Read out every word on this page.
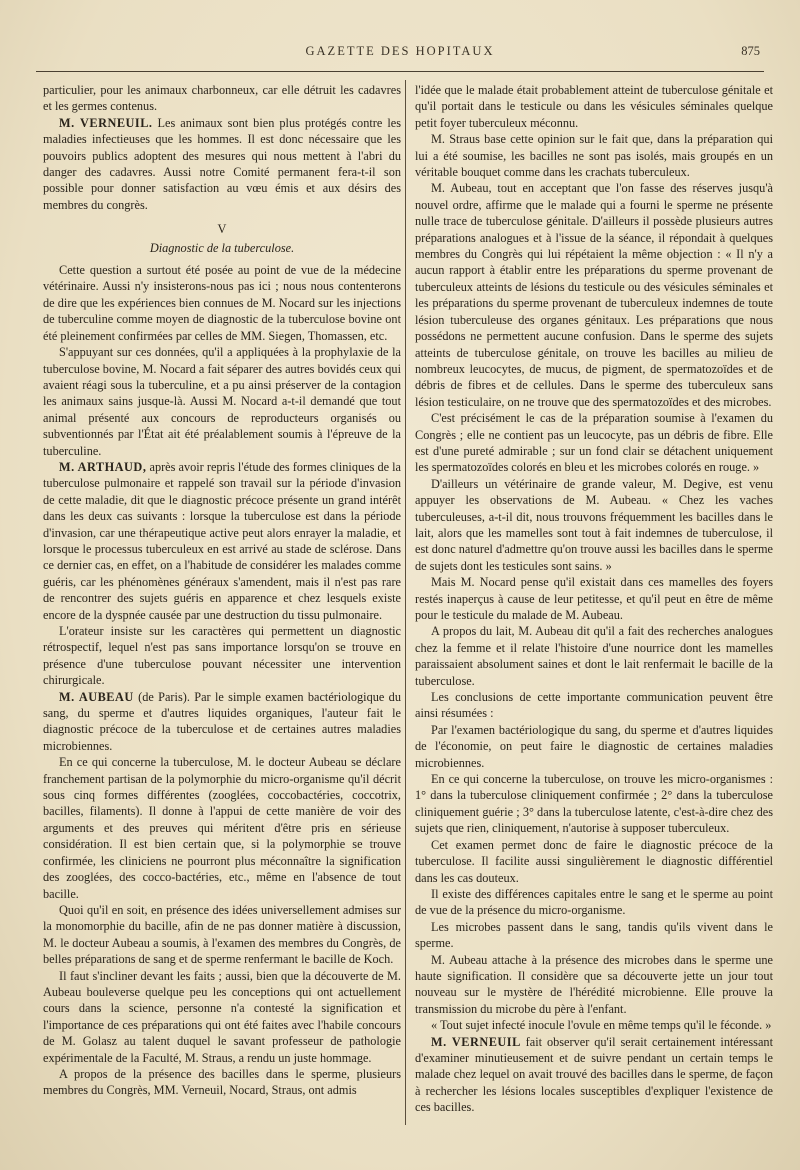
GAZETTE DES HOPITAUX	875

particulier, pour les animaux charbonneux, car elle détruit les cadavres et les germes contenus.

M. VERNEUIL. Les animaux sont bien plus protégés contre les maladies infectieuses que les hommes. Il est donc nécessaire que les pouvoirs publics adoptent des mesures qui nous mettent à l'abri du danger des cadavres. Aussi notre Comité permanent fera-t-il son possible pour donner satisfaction au vœu émis et aux désirs des membres du congrès.

V
Diagnostic de la tuberculose.

Cette question a surtout été posée au point de vue de la médecine vétérinaire. Aussi n'y insisterons-nous pas ici ; nous nous contenterons de dire que les expériences bien connues de M. Nocard sur les injections de tuberculine comme moyen de diagnostic de la tuberculose bovine ont été pleinement confirmées par celles de MM. Siegen, Thomassen, etc.

S'appuyant sur ces données, qu'il a appliquées à la prophylaxie de la tuberculose bovine, M. Nocard a fait séparer des autres bovidés ceux qui avaient réagi sous la tuberculine, et a pu ainsi préserver de la contagion les animaux sains jusque-là. Aussi M. Nocard a-t-il demandé que tout animal présenté aux concours de reproducteurs organisés ou subventionnés par l'État ait été préalablement soumis à l'épreuve de la tuberculine.

M. ARTHAUD, après avoir repris l'étude des formes cliniques de la tuberculose pulmonaire et rappelé son travail sur la période d'invasion de cette maladie, dit que le diagnostic précoce présente un grand intérêt dans les deux cas suivants : lorsque la tuberculose est dans la période d'invasion, car une thérapeutique active peut alors enrayer la maladie, et lorsque le processus tuberculeux en est arrivé au stade de sclérose. Dans ce dernier cas, en effet, on a l'habitude de considérer les malades comme guéris, car les phénomènes généraux s'amendent, mais il n'est pas rare de rencontrer des sujets guéris en apparence et chez lesquels existe encore de la dyspnée causée par une destruction du tissu pulmonaire.

L'orateur insiste sur les caractères qui permettent un diagnostic rétrospectif, lequel n'est pas sans importance lorsqu'on se trouve en présence d'une tuberculose pouvant nécessiter une intervention chirurgicale.

M. AUBEAU (de Paris). Par le simple examen bactériologique du sang, du sperme et d'autres liquides organiques, l'auteur fait le diagnostic précoce de la tuberculose et de certaines autres maladies microbiennes.

En ce qui concerne la tuberculose, M. le docteur Aubeau se déclare franchement partisan de la polymorphie du micro-organisme qu'il décrit sous cinq formes différentes (zooglées, coccobactéries, coccotrix, bacilles, filaments). Il donne à l'appui de cette manière de voir des arguments et des preuves qui méritent d'être pris en sérieuse considération. Il est bien certain que, si la polymorphie se trouve confirmée, les cliniciens ne pourront plus méconnaître la signification des zooglées, des cocco-bactéries, etc., même en l'absence de tout bacille.

Quoi qu'il en soit, en présence des idées universellement admises sur la monomorphie du bacille, afin de ne pas donner matière à discussion, M. le docteur Aubeau a soumis, à l'examen des membres du Congrès, de belles préparations de sang et de sperme renfermant le bacille de Koch.

Il faut s'incliner devant les faits ; aussi, bien que la découverte de M. Aubeau bouleverse quelque peu les conceptions qui ont actuellement cours dans la science, personne n'a contesté la signification et l'importance de ces préparations qui ont été faites avec l'habile concours de M. Golasz au talent duquel le savant professeur de pathologie expérimentale de la Faculté, M. Straus, a rendu un juste hommage.

A propos de la présence des bacilles dans le sperme, plusieurs membres du Congrès, MM. Verneuil, Nocard, Straus, ont admis

l'idée que le malade était probablement atteint de tuberculose génitale et qu'il portait dans le testicule ou dans les vésicules séminales quelque petit foyer tuberculeux méconnu.

M. Straus base cette opinion sur le fait que, dans la préparation qui lui a été soumise, les bacilles ne sont pas isolés, mais groupés en un véritable bouquet comme dans les crachats tuberculeux.

M. Aubeau, tout en acceptant que l'on fasse des réserves jusqu'à nouvel ordre, affirme que le malade qui a fourni le sperme ne présente nulle trace de tuberculose génitale. D'ailleurs il possède plusieurs autres préparations analogues et à l'issue de la séance, il répondait à quelques membres du Congrès qui lui répétaient la même objection : « Il n'y a aucun rapport à établir entre les préparations du sperme provenant de tuberculeux atteints de lésions du testicule ou des vésicules séminales et les préparations du sperme provenant de tuberculeux indemnes de toute lésion tuberculeuse des organes génitaux. Les préparations que nous possédons ne permettent aucune confusion. Dans le sperme des sujets atteints de tuberculose génitale, on trouve les bacilles au milieu de nombreux leucocytes, de mucus, de pigment, de spermatozoïdes et de débris de fibres et de cellules. Dans le sperme des tuberculeux sans lésion testiculaire, on ne trouve que des spermatozoïdes et des microbes.

C'est précisément le cas de la préparation soumise à l'examen du Congrès ; elle ne contient pas un leucocyte, pas un débris de fibre. Elle est d'une pureté admirable ; sur un fond clair se détachent uniquement les spermatozoïdes colorés en bleu et les microbes colorés en rouge. »

D'ailleurs un vétérinaire de grande valeur, M. Degive, est venu appuyer les observations de M. Aubeau. « Chez les vaches tuberculeuses, a-t-il dit, nous trouvons fréquemment les bacilles dans le lait, alors que les mamelles sont tout à fait indemnes de tuberculose, il est donc naturel d'admettre qu'on trouve aussi les bacilles dans le sperme de sujets dont les testicules sont sains. »

Mais M. Nocard pense qu'il existait dans ces mamelles des foyers restés inaperçus à cause de leur petitesse, et qu'il peut en être de même pour le testicule du malade de M. Aubeau.

A propos du lait, M. Aubeau dit qu'il a fait des recherches analogues chez la femme et il relate l'histoire d'une nourrice dont les mamelles paraissaient absolument saines et dont le lait renfermait le bacille de la tuberculose.

Les conclusions de cette importante communication peuvent être ainsi résumées :

Par l'examen bactériologique du sang, du sperme et d'autres liquides de l'économie, on peut faire le diagnostic de certaines maladies microbiennes.

En ce qui concerne la tuberculose, on trouve les micro-organismes : 1° dans la tuberculose cliniquement confirmée ; 2° dans la tuberculose cliniquement guérie ; 3° dans la tuberculose latente, c'est-à-dire chez des sujets que rien, cliniquement, n'autorise à supposer tuberculeux.

Cet examen permet donc de faire le diagnostic précoce de la tuberculose. Il facilite aussi singulièrement le diagnostic différentiel dans les cas douteux.

Il existe des différences capitales entre le sang et le sperme au point de vue de la présence du micro-organisme.

Les microbes passent dans le sang, tandis qu'ils vivent dans le sperme.

M. Aubeau attache à la présence des microbes dans le sperme une haute signification. Il considère que sa découverte jette un jour tout nouveau sur le mystère de l'hérédité microbienne. Elle prouve la transmission du microbe du père à l'enfant.

« Tout sujet infecté inocule l'ovule en même temps qu'il le féconde. »

M. VERNEUIL fait observer qu'il serait certainement intéressant d'examiner minutieusement et de suivre pendant un certain temps le malade chez lequel on avait trouvé des bacilles dans le sperme, de façon à rechercher les lésions locales susceptibles d'expliquer l'existence de ces bacilles.
